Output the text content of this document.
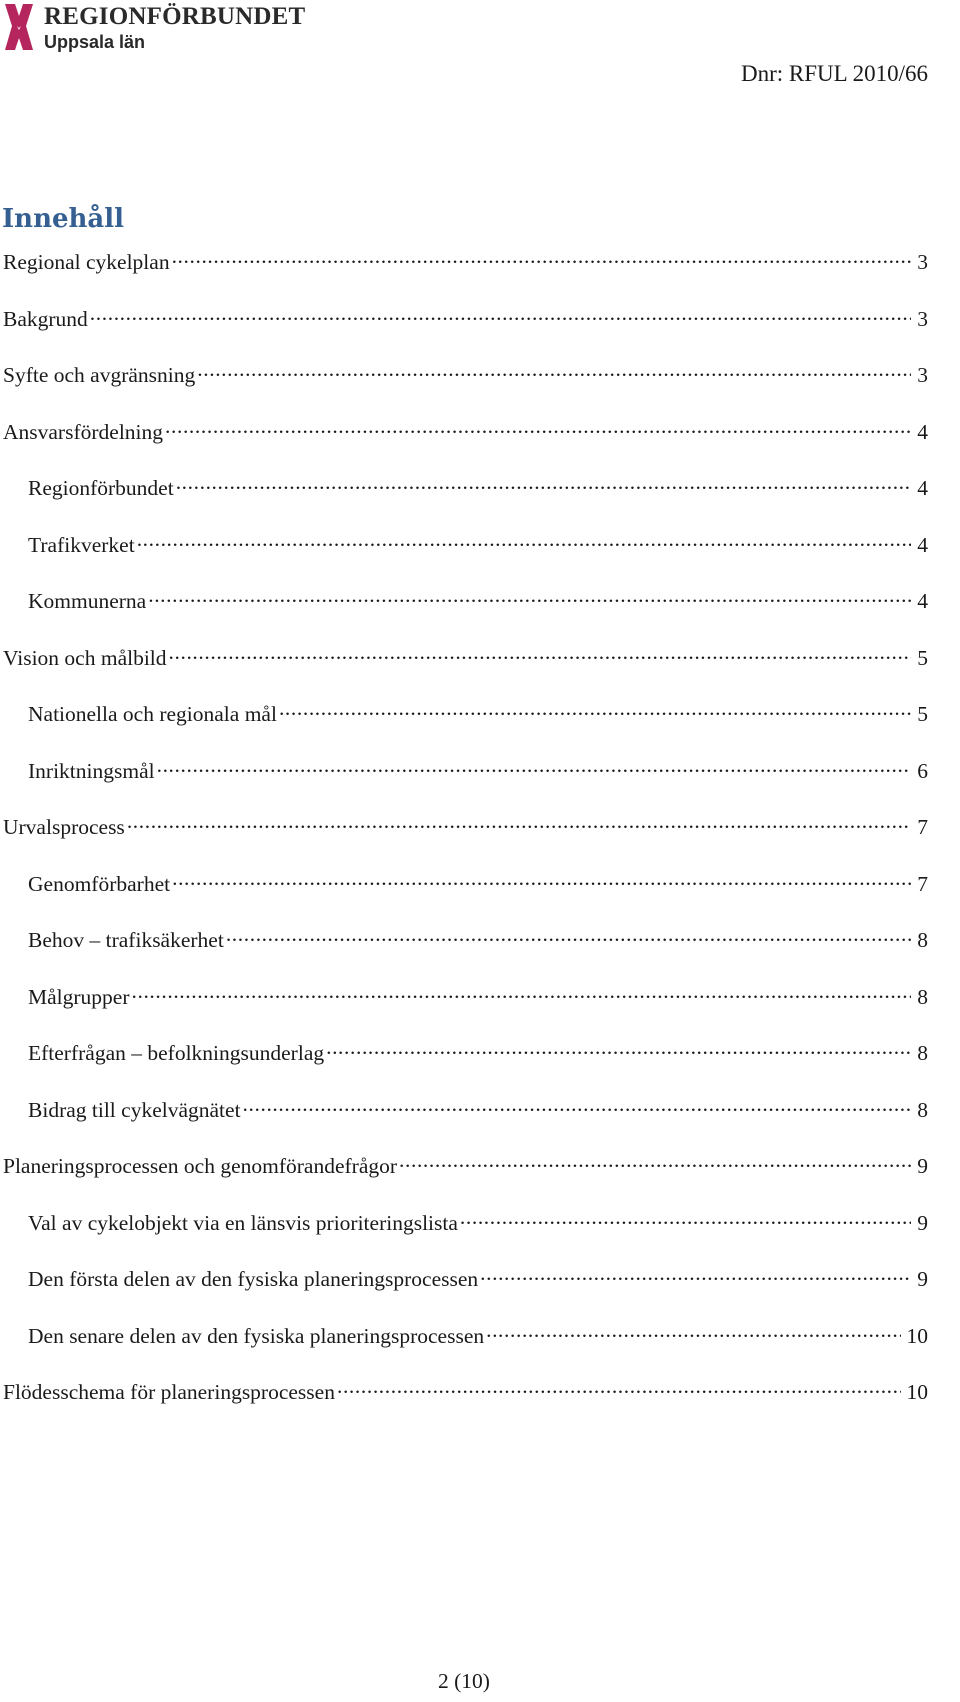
REGIONFÖRBUNDET
Uppsala län
Dnr: RFUL 2010/66
Innehåll
Regional cykelplan .....	3
Bakgrund .....	3
Syfte och avgränsning .....	3
Ansvarsfördelning .....	4
Regionförbundet .....	4
Trafikverket .....	4
Kommunerna .....	4
Vision och målbild .....	5
Nationella och regionala mål .....	5
Inriktningsmål .....	6
Urvalsprocess .....	7
Genomförbarhet .....	7
Behov – trafiksäkerhet .....	8
Målgrupper .....	8
Efterfrågan – befolkningsunderlag .....	8
Bidrag till cykelvägnätet .....	8
Planeringsprocessen och genomförandefrågor .....	9
Val av cykelobjekt via en länsvis prioriteringslista .....	9
Den första delen av den fysiska planeringsprocessen .....	9
Den senare delen av den fysiska planeringsprocessen .....	10
Flödesschema för planeringsprocessen .....	10
2 (10)
